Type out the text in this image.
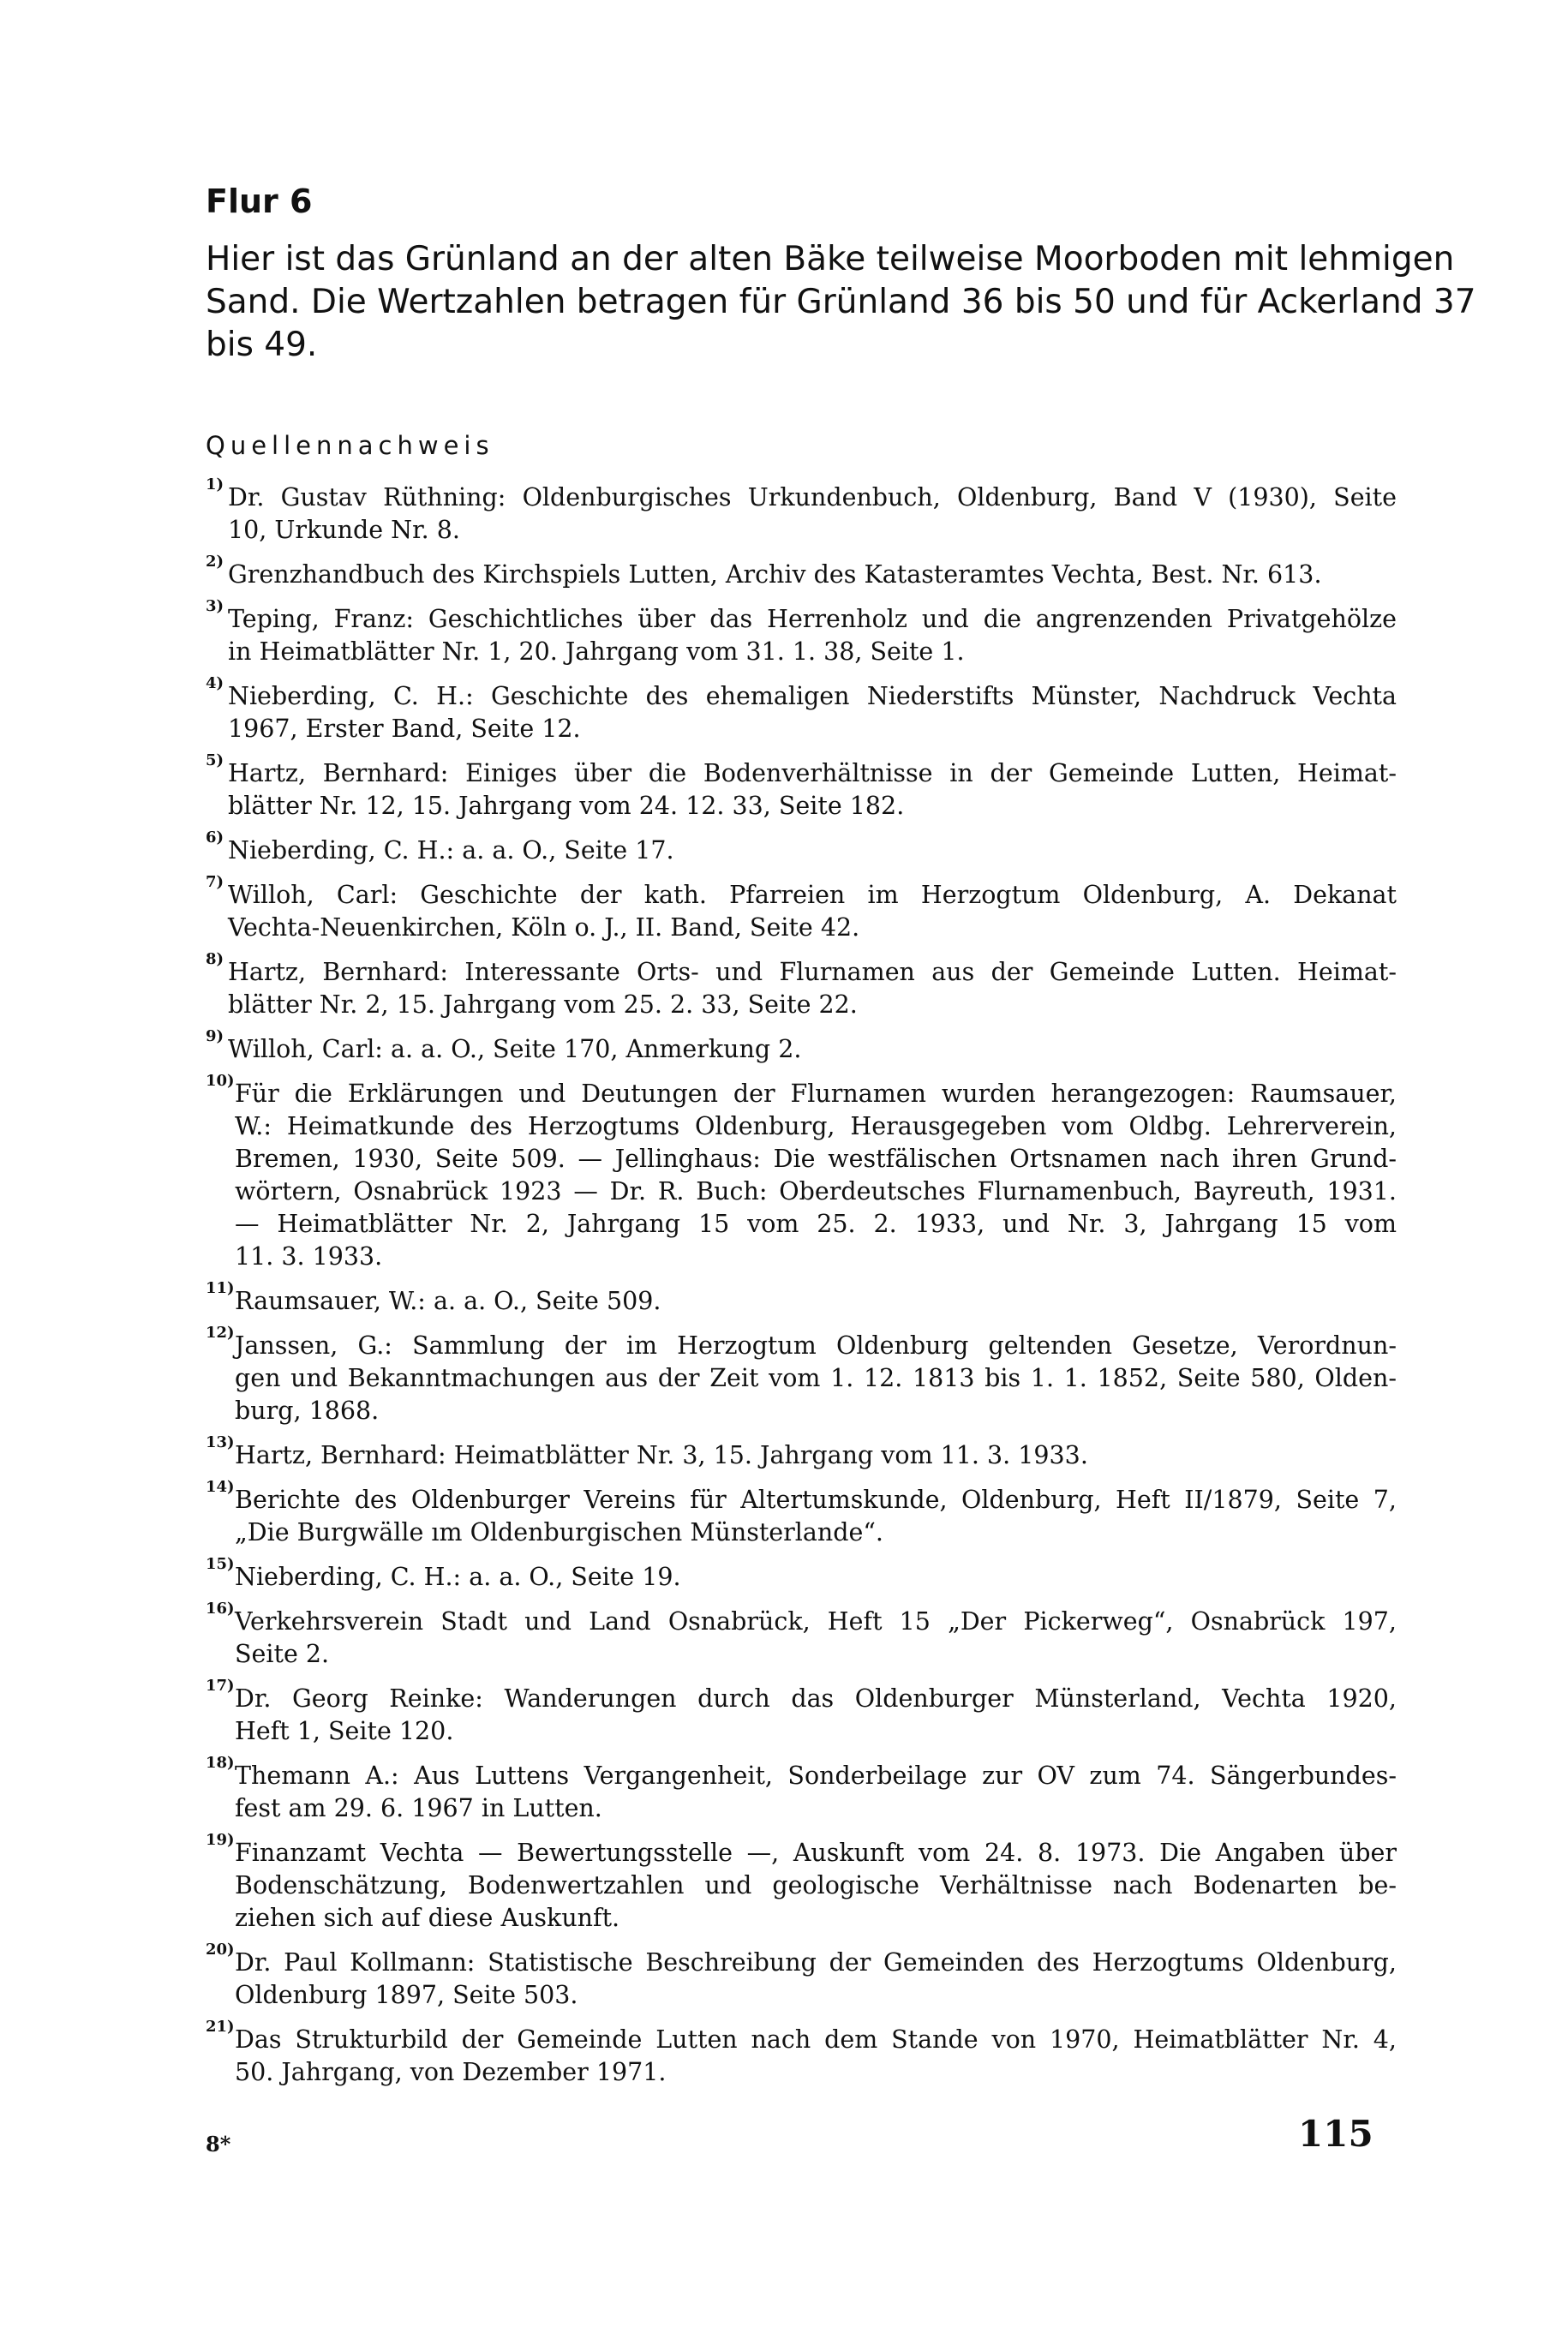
Flur 6

Hier ist das Grünland an der alten Bäke teilweise Moorboden mit lehmigen
Sand. Die Wertzahlen betragen für Grünland 36 bis 50 und für Ackerland 37
bis 49.

Quellennachweis
1) Dr. Gustav Rüthning: Oldenburgisches Urkundenbuch, Oldenburg, Band V (1930), Seite
10, Urkunde Nr. 8.
2) Grenzhandbuch des Kirchspiels Lutten, Archiv des Katasteramtes Vechta, Best. Nr. 613.
3) Teping, Franz: Geschichtliches über das Herrenholz und die angrenzenden Privatgehölze
in Heimatblätter Nr. 1, 20. Jahrgang vom 31. 1. 38, Seite 1.
4) Nieberding, C. H.: Geschichte des ehemaligen Niederstifts Münster, Nachdruck Vechta
1967, Erster Band, Seite 12.
5) Hartz, Bernhard: Einiges über die Bodenverhältnisse in der Gemeinde Lutten, Heimat-
blätter Nr. 12, 15. Jahrgang vom 24. 12. 33, Seite 182.
6) Nieberding, C. H.: a. a. O., Seite 17.
7) Willoh, Carl: Geschichte der kath. Pfarreien im Herzogtum Oldenburg, A. Dekanat
Vechta-Neuenkirchen, Köln o. J., II. Band, Seite 42.
8) Hartz, Bernhard: Interessante Orts- und Flurnamen aus der Gemeinde Lutten. Heimat-
blätter Nr. 2, 15. Jahrgang vom 25. 2. 33, Seite 22.
9) Willoh, Carl: a. a. O., Seite 170, Anmerkung 2.
10) Für die Erklärungen und Deutungen der Flurnamen wurden herangezogen: Raumsauer,
W.: Heimatkunde des Herzogtums Oldenburg, Herausgegeben vom Oldbg. Lehrerverein,
Bremen, 1930, Seite 509. — Jellinghaus: Die westfälischen Ortsnamen nach ihren Grund-
wörtern, Osnabrück 1923 — Dr. R. Buch: Oberdeutsches Flurnamenbuch, Bayreuth, 1931.
— Heimatblätter Nr. 2, Jahrgang 15 vom 25. 2. 1933, und Nr. 3, Jahrgang 15 vom
11. 3. 1933.
11) Raumsauer, W.: a. a. O., Seite 509.
12) Janssen, G.: Sammlung der im Herzogtum Oldenburg geltenden Gesetze, Verordnun-
gen und Bekanntmachungen aus der Zeit vom 1. 12. 1813 bis 1. 1. 1852, Seite 580, Olden-
burg, 1868.
13) Hartz, Bernhard: Heimatblätter Nr. 3, 15. Jahrgang vom 11. 3. 1933.
14) Berichte des Oldenburger Vereins für Altertumskunde, Oldenburg, Heft II/1879, Seite 7,
„Die Burgwälle ım Oldenburgischen Münsterlande“.
15) Nieberding, C. H.: a. a. O., Seite 19.
16) Verkehrsverein Stadt und Land Osnabrück, Heft 15 „Der Pickerweg“, Osnabrück 197,
Seite 2.
17) Dr. Georg Reinke: Wanderungen durch das Oldenburger Münsterland, Vechta 1920,
Heft 1, Seite 120.
18) Themann A.: Aus Luttens Vergangenheit, Sonderbeilage zur OV zum 74. Sängerbundes-
fest am 29. 6. 1967 in Lutten.
19) Finanzamt Vechta — Bewertungsstelle —, Auskunft vom 24. 8. 1973. Die Angaben über
Bodenschätzung, Bodenwertzahlen und geologische Verhältnisse nach Bodenarten be-
ziehen sich auf diese Auskunft.
20) Dr. Paul Kollmann: Statistische Beschreibung der Gemeinden des Herzogtums Oldenburg,
Oldenburg 1897, Seite 503.
21) Das Strukturbild der Gemeinde Lutten nach dem Stande von 1970, Heimatblätter Nr. 4,
50. Jahrgang, von Dezember 1971.
8*	115
